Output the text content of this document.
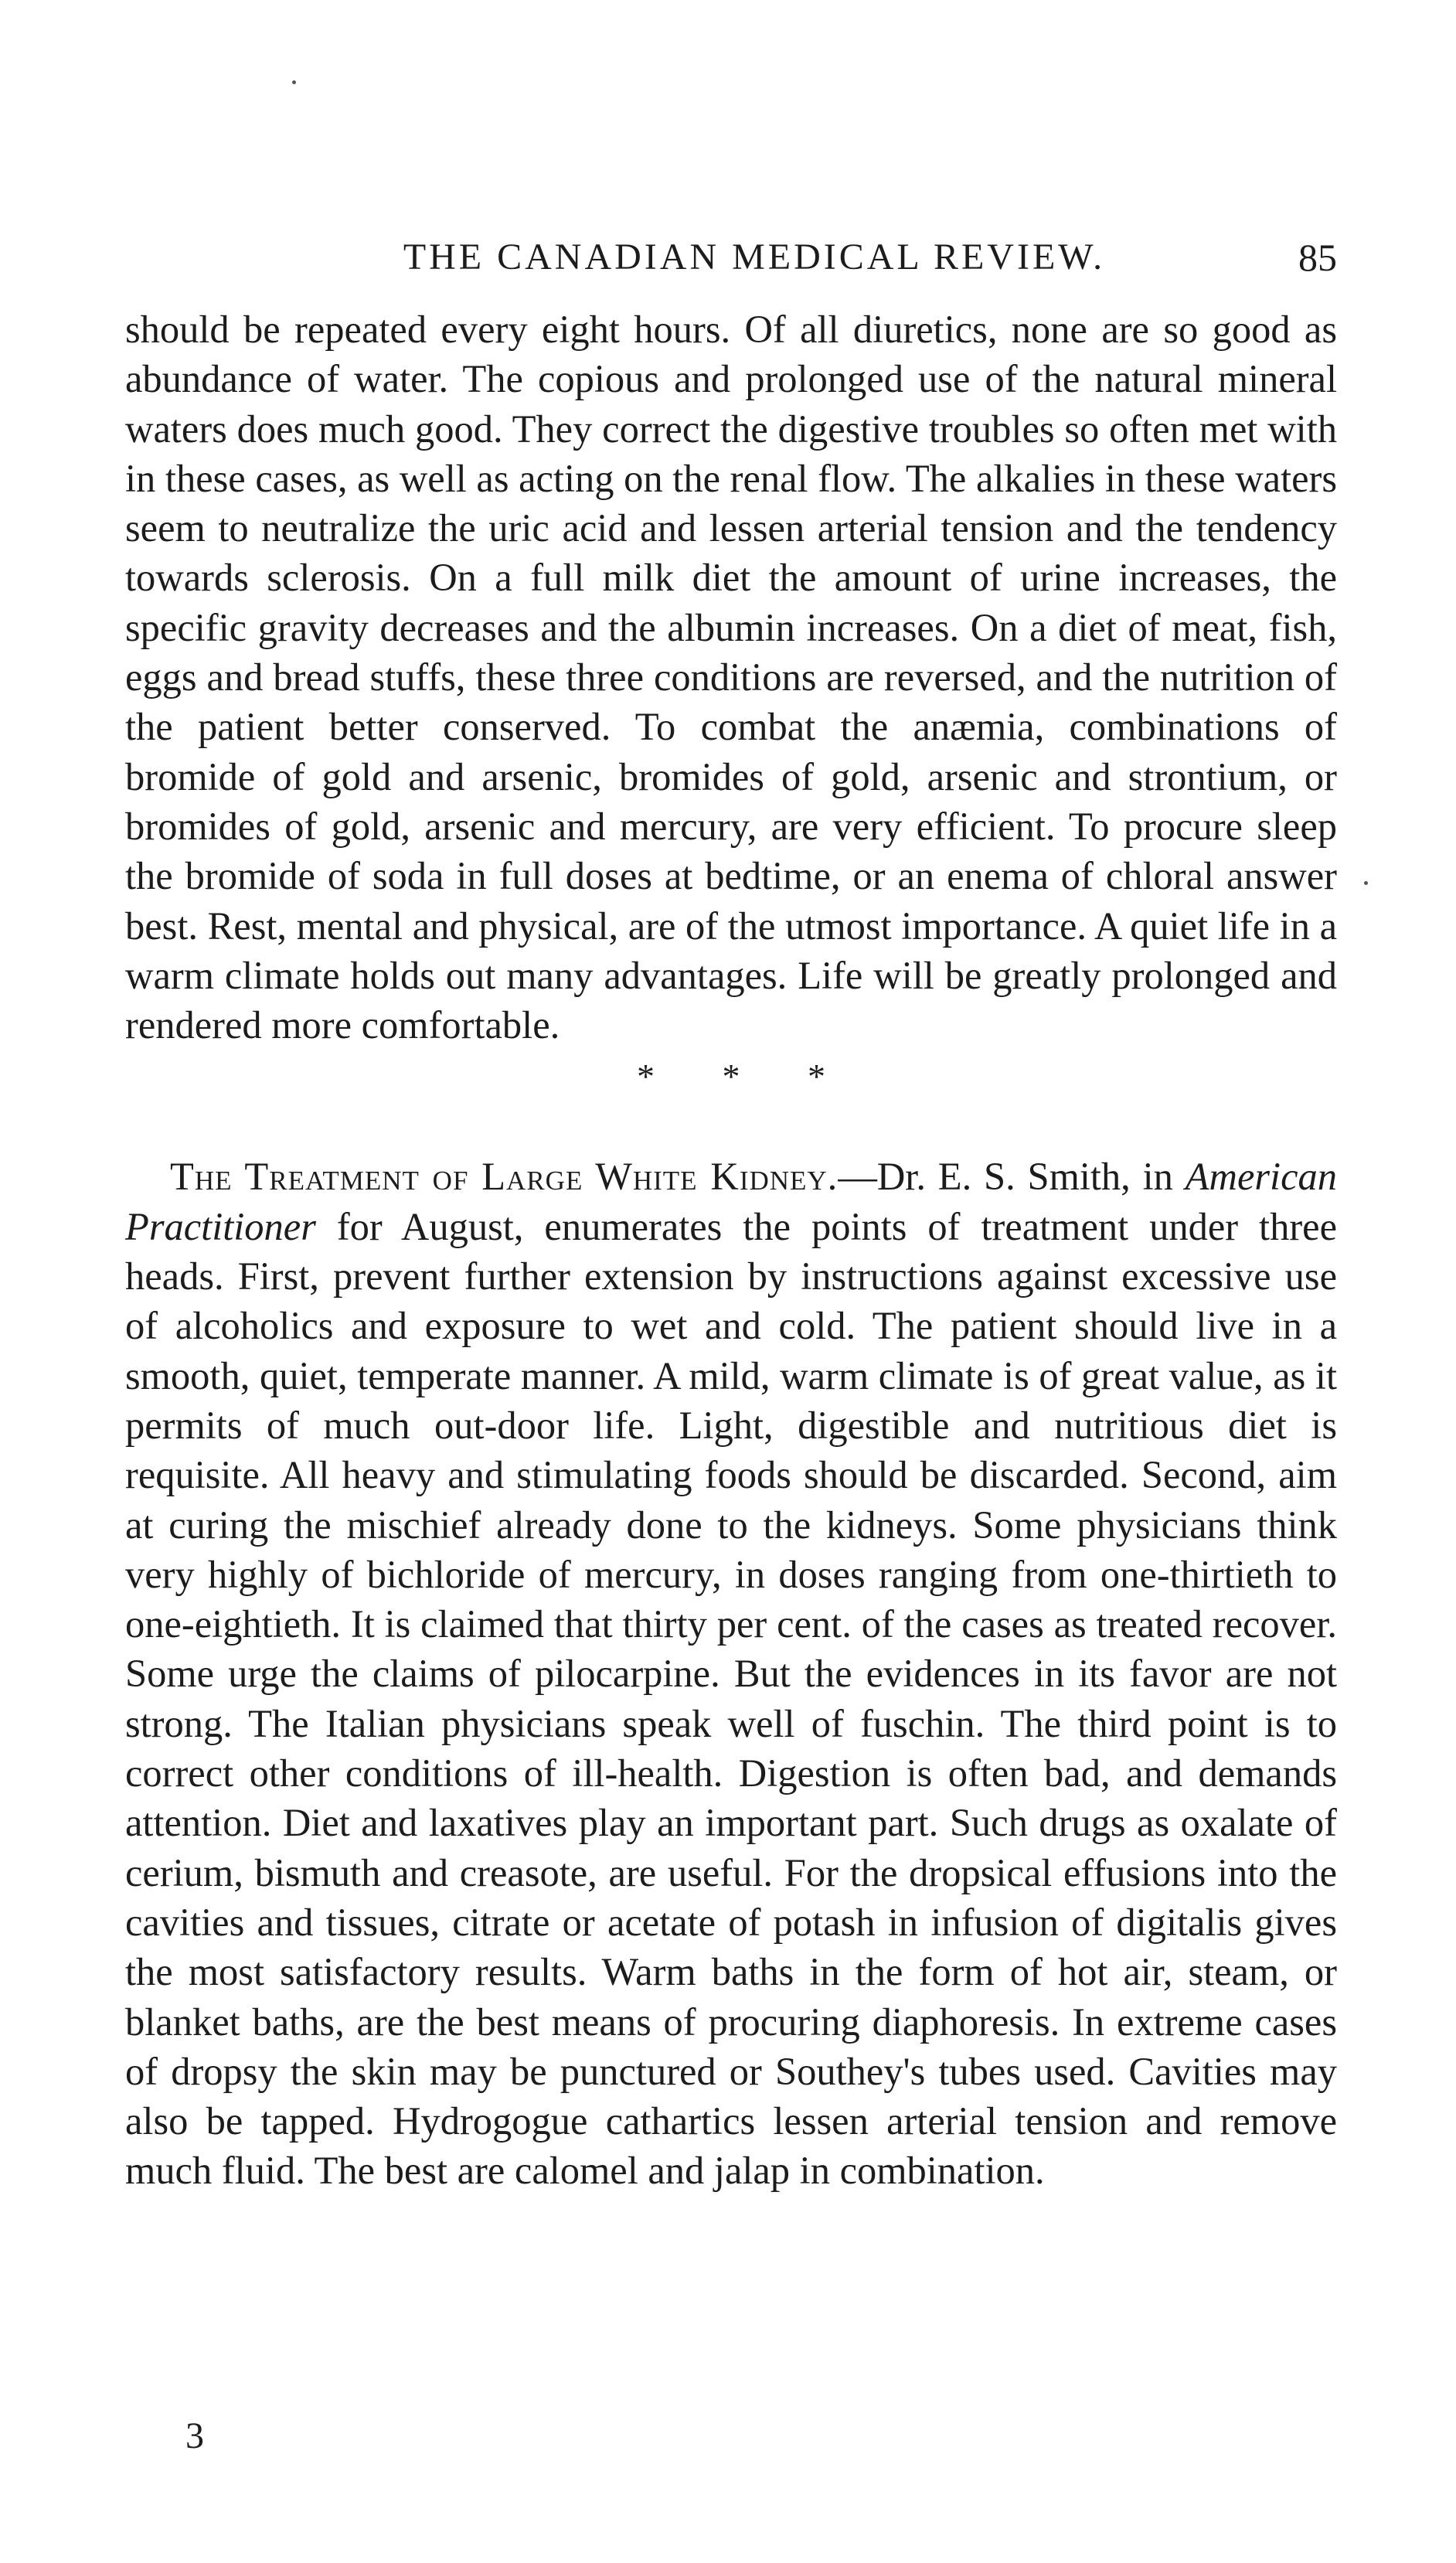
THE CANADIAN MEDICAL REVIEW.	85

should be repeated every eight hours. Of all diuretics, none are so good as abundance of water. The copious and prolonged use of the natural mineral waters does much good. They correct the digestive troubles so often met with in these cases, as well as acting on the renal flow. The alkalies in these waters seem to neutralize the uric acid and lessen arterial tension and the tendency towards sclerosis. On a full milk diet the amount of urine increases, the specific gravity decreases and the albumin increases. On a diet of meat, fish, eggs and bread stuffs, these three conditions are reversed, and the nutrition of the patient better conserved. To combat the anæmia, combinations of bromide of gold and arsenic, bromides of gold, arsenic and strontium, or bromides of gold, arsenic and mercury, are very efficient. To procure sleep the bromide of soda in full doses at bedtime, or an enema of chloral answer best. Rest, mental and physical, are of the utmost importance. A quiet life in a warm climate holds out many advantages. Life will be greatly prolonged and rendered more comfortable.

* * *

The Treatment of Large White Kidney.—Dr. E. S. Smith, in American Practitioner for August, enumerates the points of treatment under three heads. First, prevent further extension by instructions against excessive use of alcoholics and exposure to wet and cold. The patient should live in a smooth, quiet, temperate manner. A mild, warm climate is of great value, as it permits of much out-door life. Light, digestible and nutritious diet is requisite. All heavy and stimulating foods should be discarded. Second, aim at curing the mischief already done to the kidneys. Some physicians think very highly of bichloride of mercury, in doses ranging from one-thirtieth to one-eightieth. It is claimed that thirty per cent. of the cases as treated recover. Some urge the claims of pilocarpine. But the evidences in its favor are not strong. The Italian physicians speak well of fuschin. The third point is to correct other conditions of ill-health. Digestion is often bad, and demands attention. Diet and laxatives play an important part. Such drugs as oxalate of cerium, bismuth and creasote, are useful. For the dropsical effusions into the cavities and tissues, citrate or acetate of potash in infusion of digitalis gives the most satisfactory results. Warm baths in the form of hot air, steam, or blanket baths, are the best means of procuring diaphoresis. In extreme cases of dropsy the skin may be punctured or Southey's tubes used. Cavities may also be tapped. Hydrogogue cathartics lessen arterial tension and remove much fluid. The best are calomel and jalap in combination.

3
